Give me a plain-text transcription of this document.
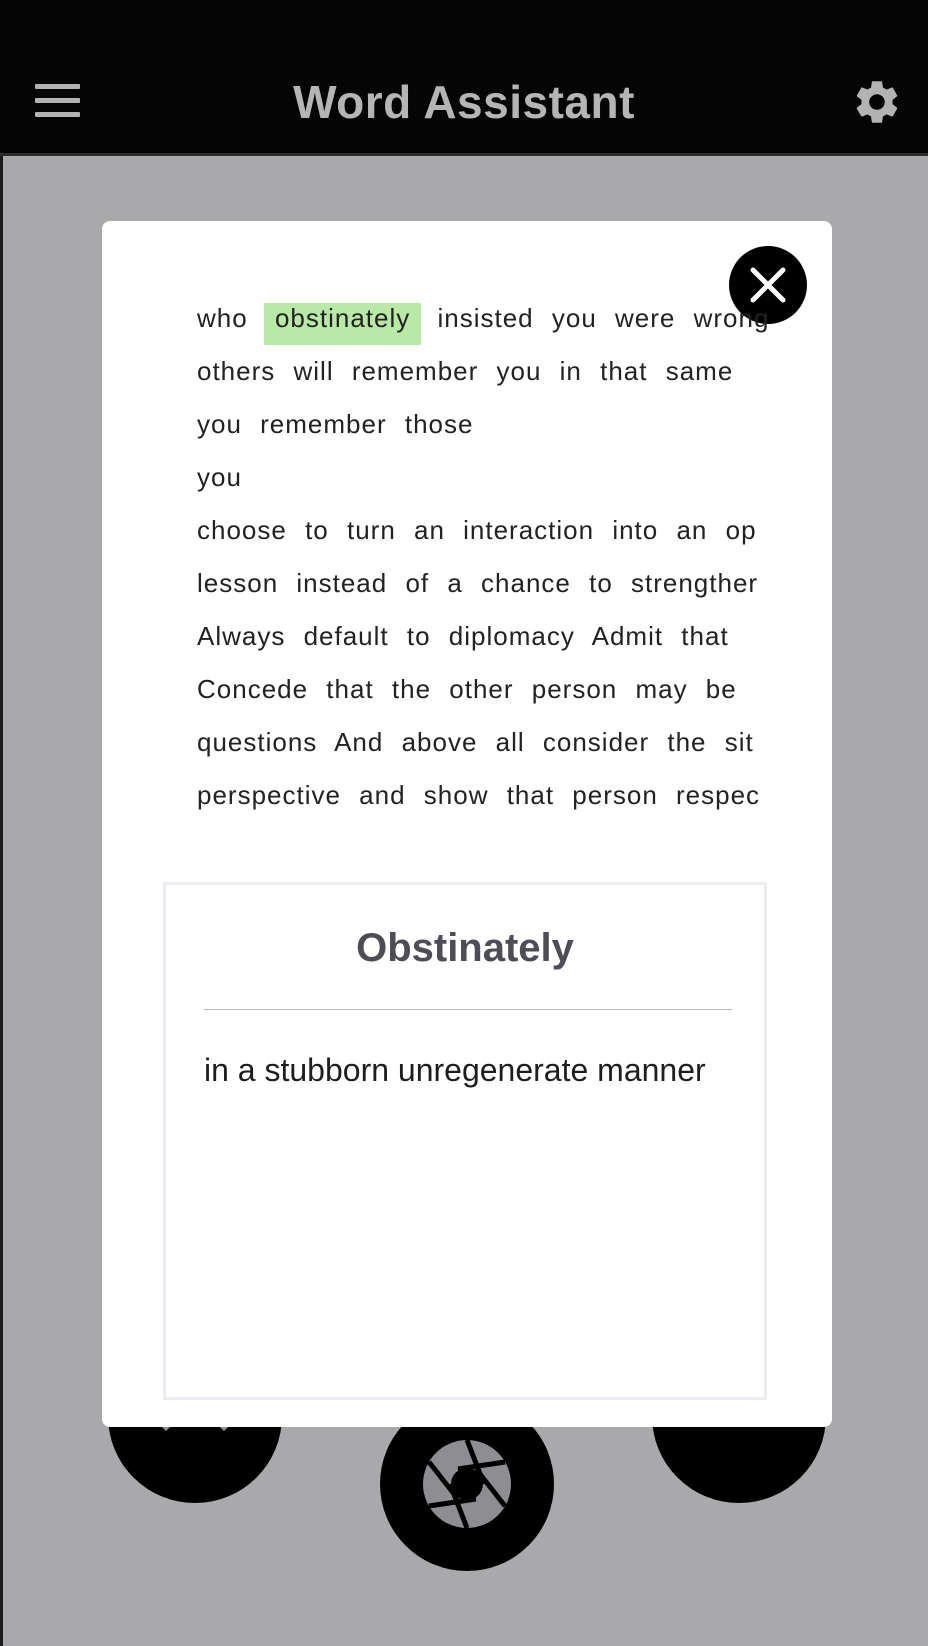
Word Assistant
who obstinately insisted you were wrong
others will remember you in that same
you remember those
you
choose to turn an interaction into an op
lesson instead of a chance to strengther
Always default to diplomacy Admit that
Concede that the other person may be
questions And above all consider the sit
perspective and show that person respec
Obstinately
in a stubborn unregenerate manner
